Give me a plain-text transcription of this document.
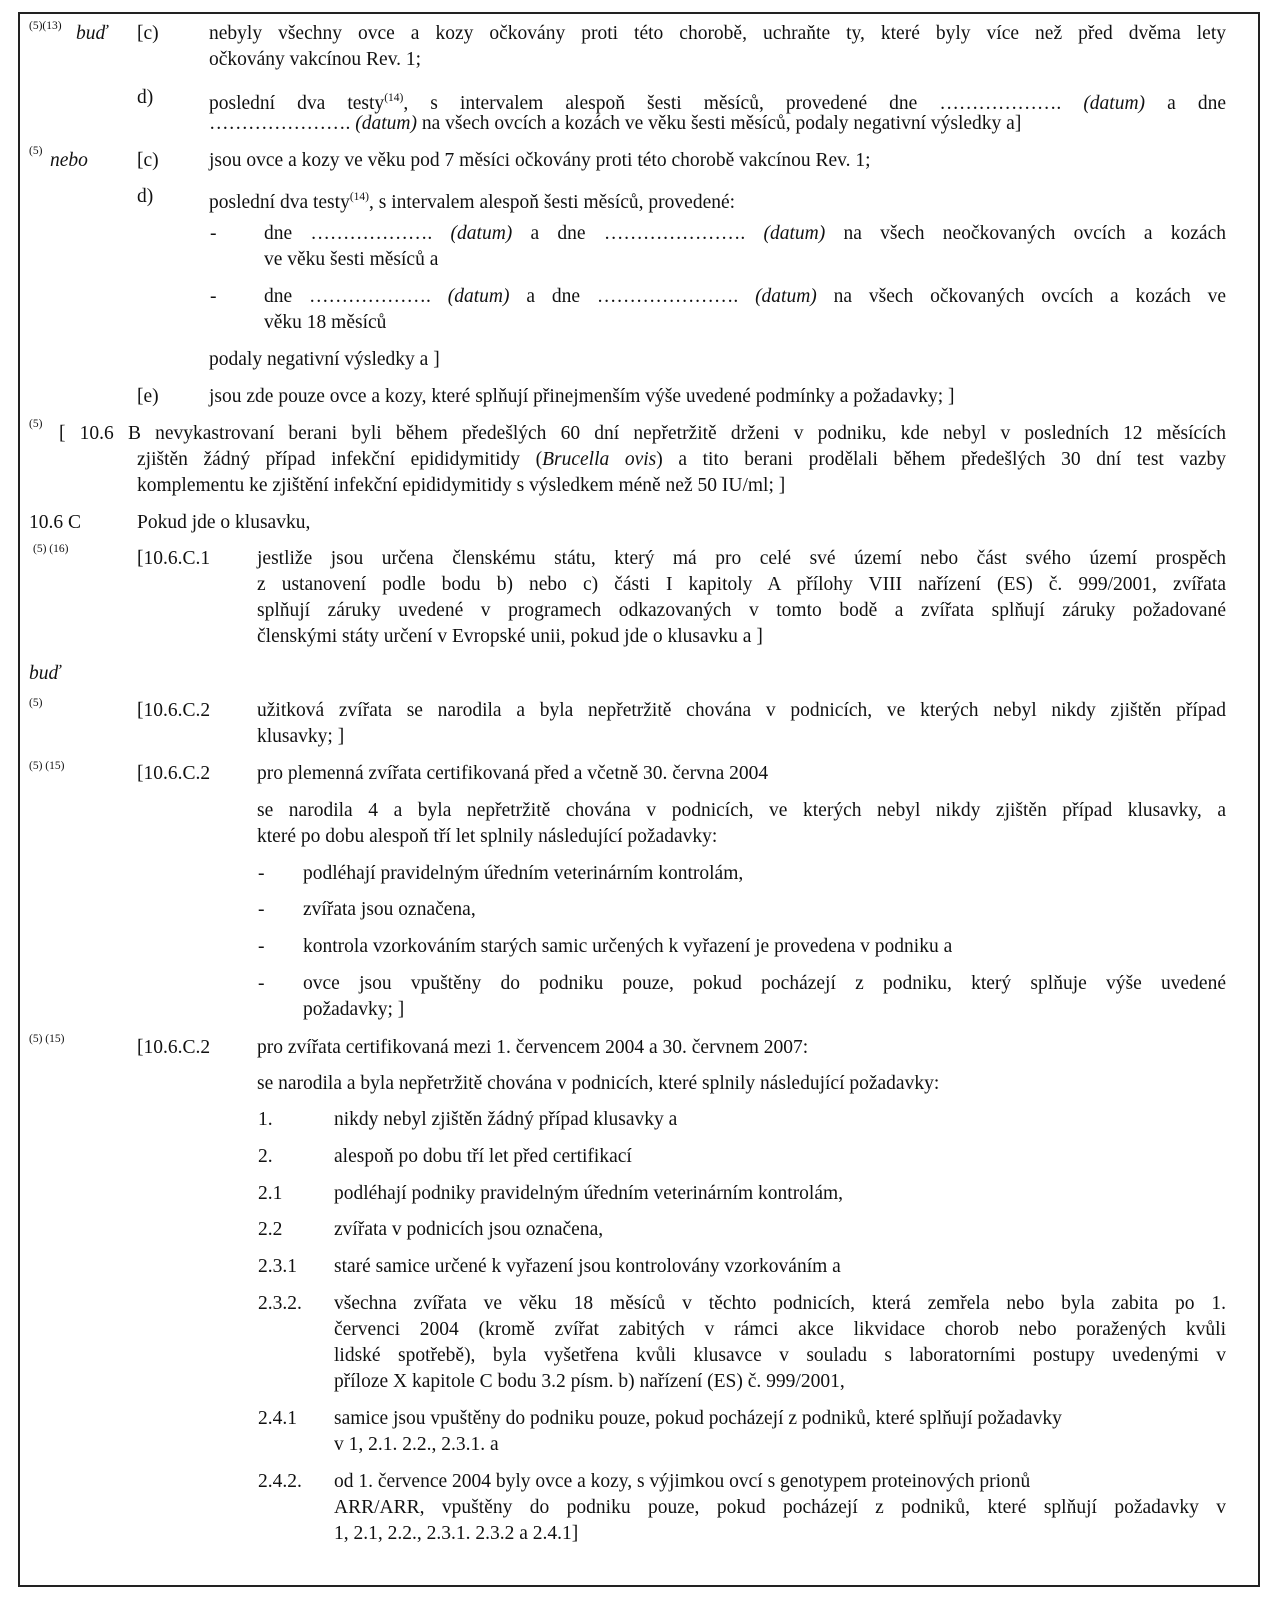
(5)(13) buď [c)	nebyly všechny ovce a kozy očkovány proti této chorobě, uchraňte ty, které byly více než před dvěma lety
očkovány vakcínou Rev. 1;
d)	poslední dva testy$^{(14)}$, s intervalem alespoň šesti měsíců, provedené dne ………………. (datum) a dne
…………………. (datum) na všech ovcích a kozách ve věku šesti měsíců, podaly negativní výsledky a]
(5) nebo	[c)	jsou ovce a kozy ve věku pod 7 měsíci očkovány proti této chorobě vakcínou Rev. 1;
d)	poslední dva testy$^{(14)}$, s intervalem alespoň šesti měsíců, provedené:
- dne ………………. (datum) a dne …………………. (datum) na všech neočkovaných ovcích a kozách
ve věku šesti měsíců a
- dne ………………. (datum) a dne …………………. (datum) na všech očkovaných ovcích a kozách ve
věku 18 měsíců
podaly negativní výsledky a ]
[e)	jsou zde pouze ovce a kozy, které splňují přinejmenším výše uvedené podmínky a požadavky; ]
(5) [ 10.6 B nevykastrovaní berani byli během předešlých 60 dní nepřetržitě drženi v podniku, kde nebyl v posledních 12 měsících
zjištěn žádný případ infekční epididymitidy (Brucella ovis) a tito berani prodělali během předešlých 30 dní test vazby
komplementu ke zjištění infekční epididymitidy s výsledkem méně než 50 IU/ml; ]
10.6 C	Pokud jde o klusavku,
(5) (16)	[10.6.C.1 jestliže jsou určena členskému státu, který má pro celé své území nebo část svého území prospěch
z ustanovení podle bodu b) nebo c) části I kapitoly A přílohy VIII nařízení (ES) č. 999/2001, zvířata
splňují záruky uvedené v programech odkazovaných v tomto bodě a zvířata splňují záruky požadované
členskými státy určení v Evropské unii, pokud jde o klusavku a ]
buď
(5)	[10.6.C.2 užitková zvířata se narodila a byla nepřetržitě chována v podnicích, ve kterých nebyl nikdy zjištěn případ
klusavky; ]
(5) (15)	[10.6.C.2 pro plemenná zvířata certifikovaná před a včetně 30. června 2004
se narodila 4 a byla nepřetržitě chována v podnicích, ve kterých nebyl nikdy zjištěn případ klusavky, a
které po dobu alespoň tří let splnily následující požadavky:
- podléhají pravidelným úředním veterinárním kontrolám,
- zvířata jsou označena,
- kontrola vzorkováním starých samic určených k vyřazení je provedena v podniku a
- ovce jsou vpuštěny do podniku pouze, pokud pocházejí z podniku, který splňuje výše uvedené
požadavky; ]
(5) (15)	[10.6.C.2 pro zvířata certifikovaná mezi 1. červencem 2004 a 30. červnem 2007:
se narodila a byla nepřetržitě chována v podnicích, které splnily následující požadavky:
1.	nikdy nebyl zjištěn žádný případ klusavky a
2.	alespoň po dobu tří let před certifikací
2.1	podléhají podniky pravidelným úředním veterinárním kontrolám,
2.2	zvířata v podnicích jsou označena,
2.3.1 staré samice určené k vyřazení jsou kontrolovány vzorkováním a
2.3.2. všechna zvířata ve věku 18 měsíců v těchto podnicích, která zemřela nebo byla zabita po 1.
červenci 2004 (kromě zvířat zabitých v rámci akce likvidace chorob nebo poražených kvůli
lidské spotřebě), byla vyšetřena kvůli klusavce v souladu s laboratorními postupy uvedenými v
příloze X kapitole C bodu 3.2 písm. b) nařízení (ES) č. 999/2001,
2.4.1 samice jsou vpuštěny do podniku pouze, pokud pocházejí z podniků, které splňují požadavky
v 1, 2.1. 2.2., 2.3.1. a
2.4.2. od 1. července 2004 byly ovce a kozy, s výjimkou ovcí s genotypem proteinových prionů
ARR/ARR, vpuštěny do podniku pouze, pokud pocházejí z podniků, které splňují požadavky v
1, 2.1, 2.2., 2.3.1. 2.3.2 a 2.4.1]
